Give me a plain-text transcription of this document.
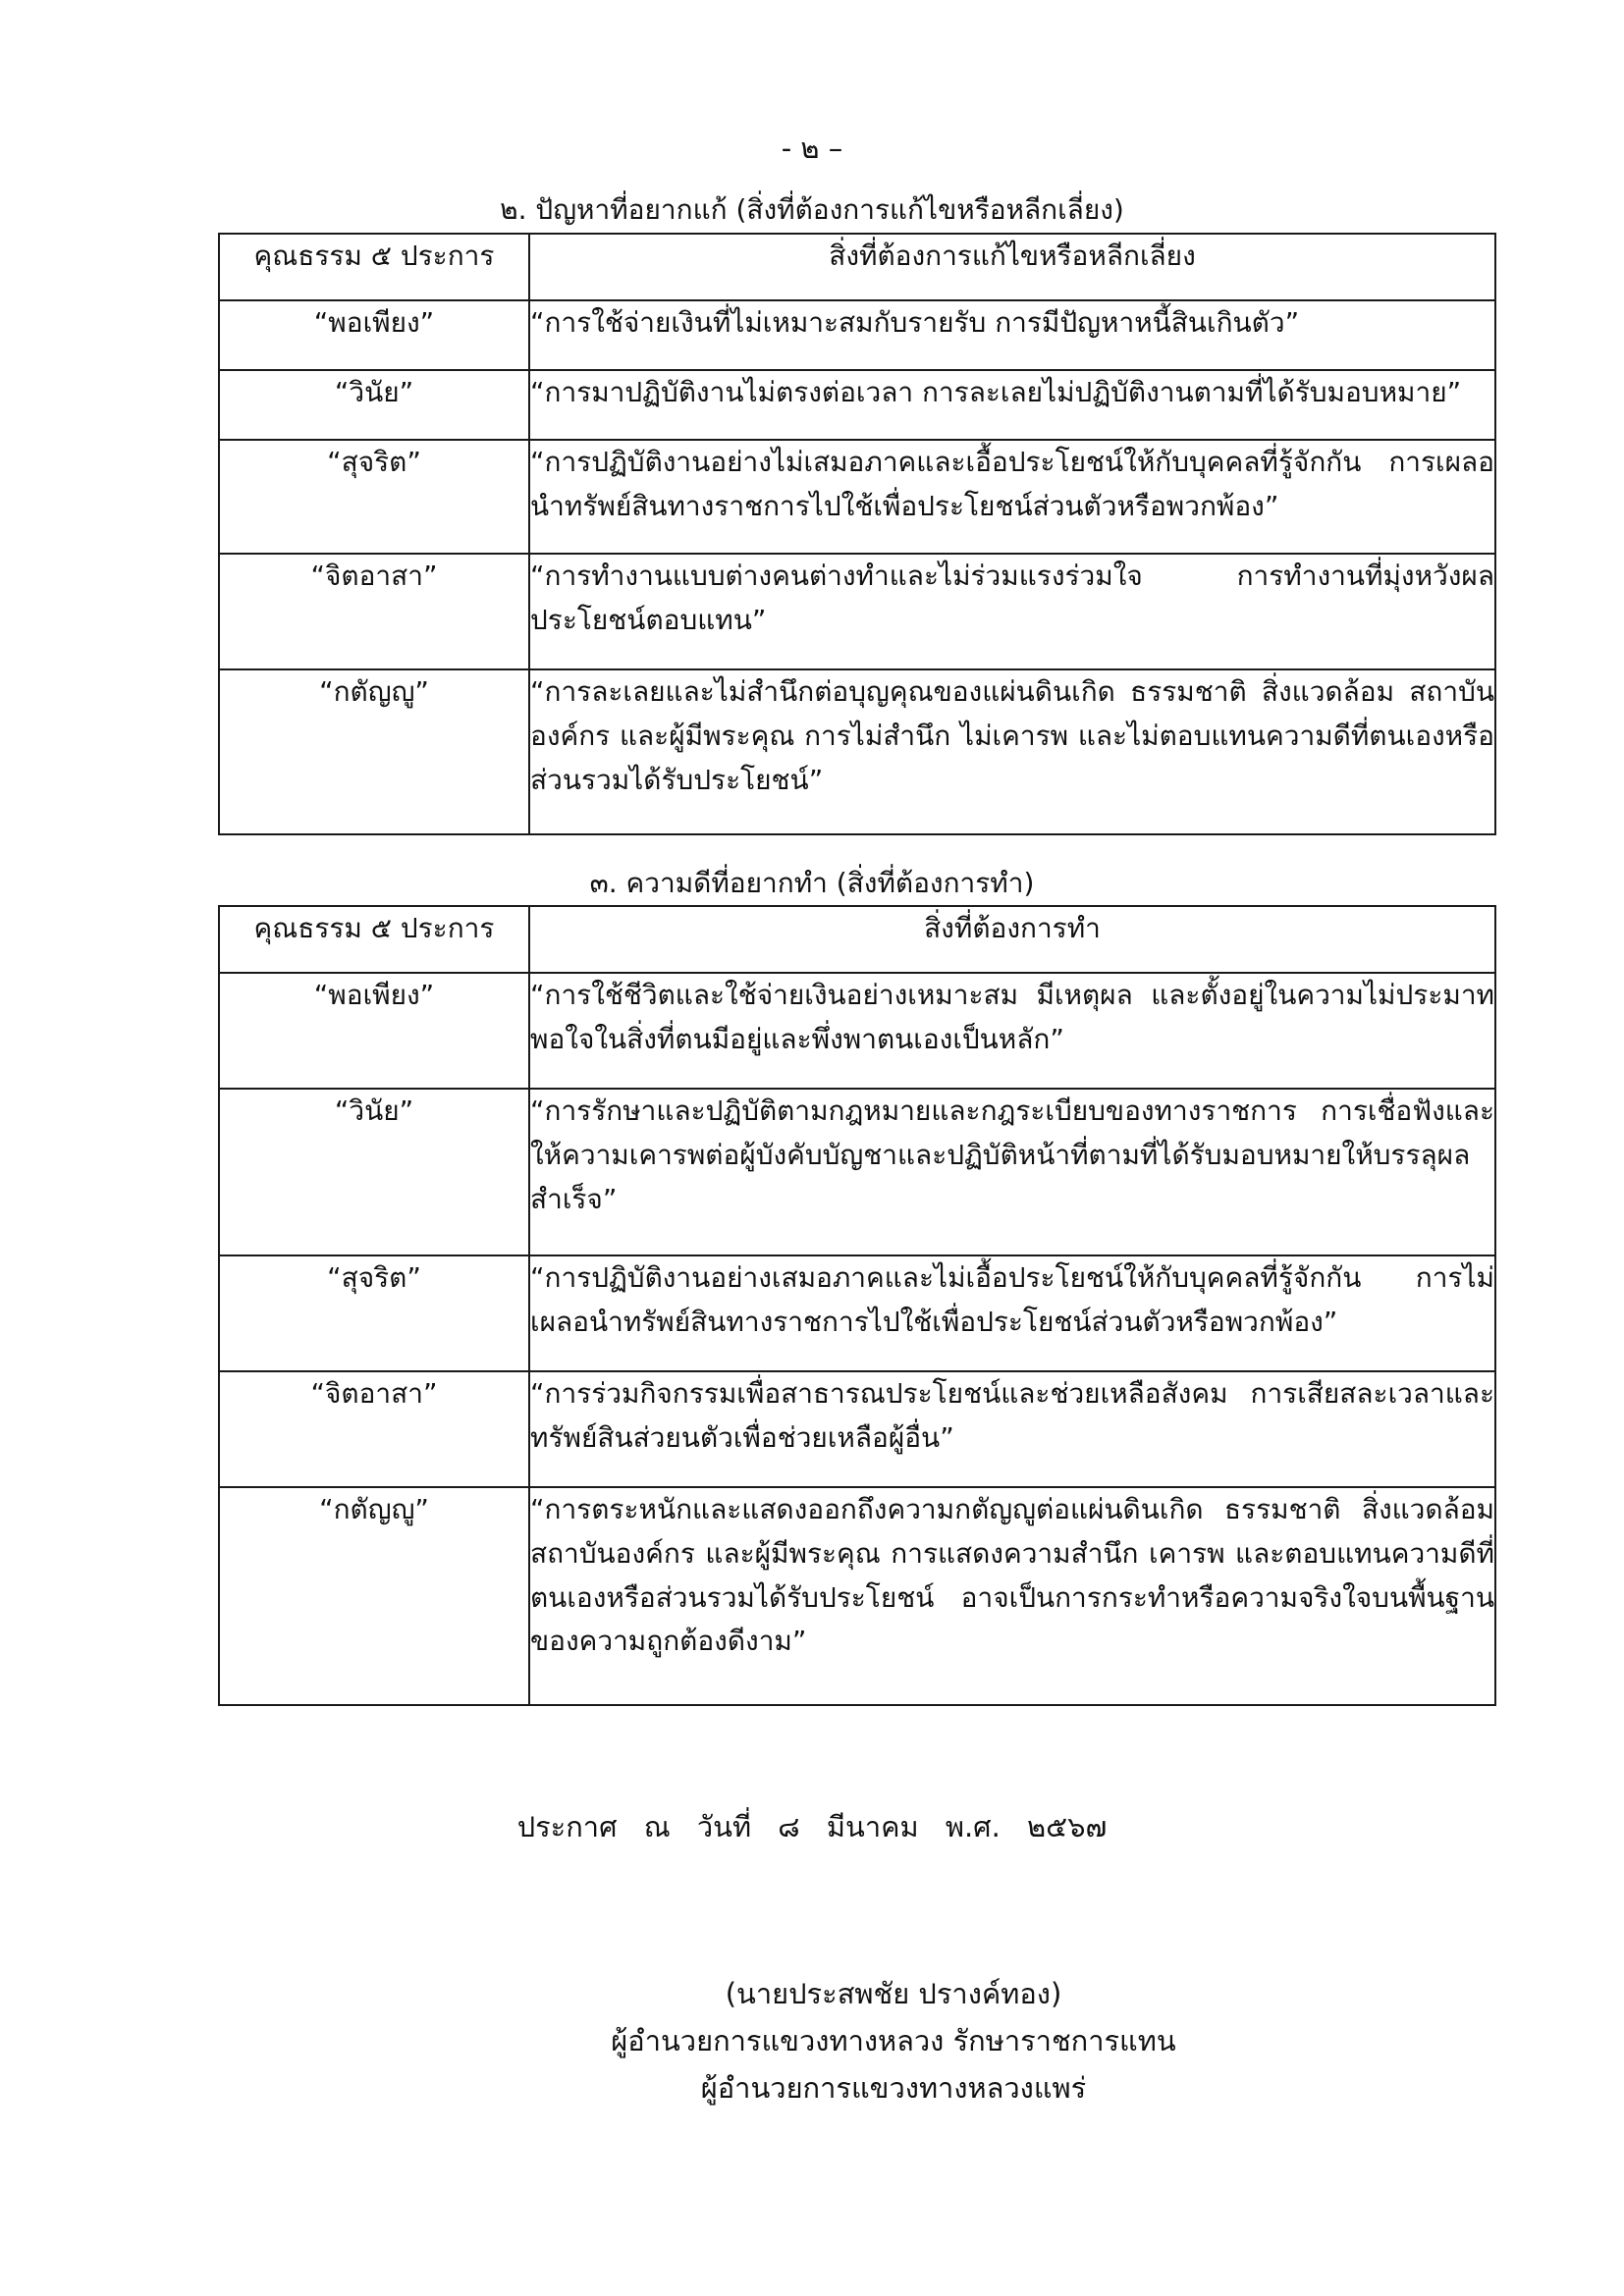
- ๒ –
๒. ปัญหาที่อยากแก้ (สิ่งที่ต้องการแก้ไขหรือหลีกเลี่ยง)
คุณธรรม ๕ ประการ	สิ่งที่ต้องการแก้ไขหรือหลีกเลี่ยง
“พอเพียง”	“การใช้จ่ายเงินที่ไม่เหมาะสมกับรายรับ การมีปัญหาหนี้สินเกินตัว”
“วินัย”	“การมาปฏิบัติงานไม่ตรงต่อเวลา การละเลยไม่ปฏิบัติงานตามที่ได้รับมอบหมาย”
“สุจริต”	“การปฏิบัติงานอย่างไม่เสมอภาคและเอื้อประโยชน์ให้กับบุคคลที่รู้จักกัน การเผลอ นำทรัพย์สินทางราชการไปใช้เพื่อประโยชน์ส่วนตัวหรือพวกพ้อง”
“จิตอาสา”	“การทำงานแบบต่างคนต่างทำและไม่ร่วมแรงร่วมใจ การทำงานที่มุ่งหวังผลประโยชน์ตอบแทน”
“กตัญญู”	“การละเลยและไม่สำนึกต่อบุญคุณของแผ่นดินเกิด ธรรมชาติ สิ่งแวดล้อม สถาบันองค์กร และผู้มีพระคุณ การไม่สำนึก ไม่เคารพ และไม่ตอบแทนความดีที่ตนเองหรือส่วนรวมได้รับประโยชน์”
๓. ความดีที่อยากทำ (สิ่งที่ต้องการทำ)
คุณธรรม ๕ ประการ	สิ่งที่ต้องการทำ
“พอเพียง”	“การใช้ชีวิตและใช้จ่ายเงินอย่างเหมาะสม มีเหตุผล และตั้งอยู่ในความไม่ประมาท พอใจในสิ่งที่ตนมีอยู่และพึ่งพาตนเองเป็นหลัก”
“วินัย”	“การรักษาและปฏิบัติตามกฎหมายและกฎระเบียบของทางราชการ การเชื่อฟังและให้ความเคารพต่อผู้บังคับบัญชาและปฏิบัติหน้าที่ตามที่ได้รับมอบหมายให้บรรลุผลสำเร็จ”
“สุจริต”	“การปฏิบัติงานอย่างเสมอภาคและไม่เอื้อประโยชน์ให้กับบุคคลที่รู้จักกัน การไม่เผลอนำทรัพย์สินทางราชการไปใช้เพื่อประโยชน์ส่วนตัวหรือพวกพ้อง”
“จิตอาสา”	“การร่วมกิจกรรมเพื่อสาธารณประโยชน์และช่วยเหลือสังคม การเสียสละเวลาและทรัพย์สินส่วยนตัวเพื่อช่วยเหลือผู้อื่น”
“กตัญญู”	“การตระหนักและแสดงออกถึงความกตัญญูต่อแผ่นดินเกิด ธรรมชาติ สิ่งแวดล้อม สถาบันองค์กร และผู้มีพระคุณ การแสดงความสำนึก เคารพ และตอบแทนความดีที่ตนเองหรือส่วนรวมได้รับประโยชน์ อาจเป็นการกระทำหรือความจริงใจบนพื้นฐานของความถูกต้องดีงาม”
ประกาศ ณ วันที่ ๘ มีนาคม พ.ศ. ๒๕๖๗
(นายประสพชัย ปรางค์ทอง)
ผู้อำนวยการแขวงทางหลวง รักษาราชการแทน
ผู้อำนวยการแขวงทางหลวงแพร่
